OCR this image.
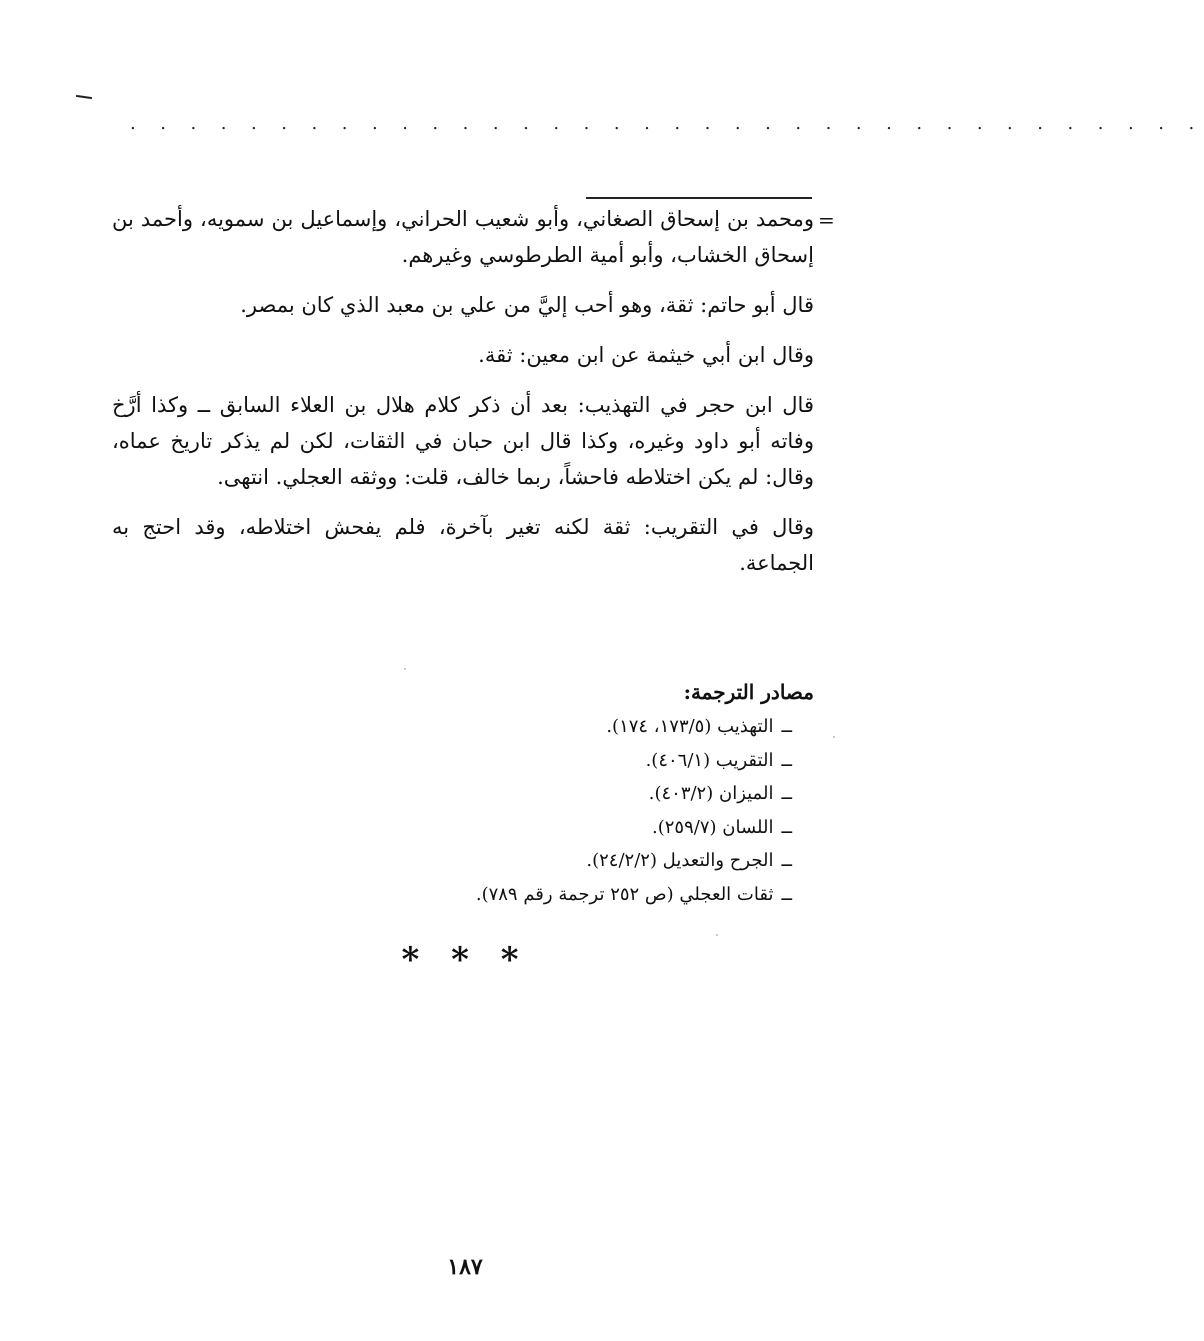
. . . . . . . . . . . . . . . . . . . . . . . . . . . . . . . . . . . .
=

ومحمد بن إسحاق الصغاني، وأبو شعيب الحراني، وإسماعيل بن سمويه، وأحمد بن إسحاق الخشاب، وأبو أمية الطرطوسي وغيرهم.

قال أبو حاتم: ثقة، وهو أحب إليَّ من علي بن معبد الذي كان بمصر.

وقال ابن أبي خيثمة عن ابن معين: ثقة.

قال ابن حجر في التهذيب: بعد أن ذكر كلام هلال بن العلاء السابق ــ وكذا أرَّخ وفاته أبو داود وغيره، وكذا قال ابن حبان في الثقات، لكن لم يذكر تاريخ عماه، وقال: لم يكن اختلاطه فاحشاً، ربما خالف، قلت: ووثقه العجلي. انتهى.

وقال في التقريب: ثقة لكنه تغير بآخرة، فلم يفحش اختلاطه، وقد احتج به الجماعة.

مصادر الترجمة:
ــالتهذيب (١٧٣/٥، ١٧٤).
ــالتقريب (٤٠٦/١).
ــالميزان (٤٠٣/٢).
ــاللسان (٢٥٩/٧).
ــالجرح والتعديل (٢٤/٢/٢).
ــثقات العجلي (ص ٢٥٢ ترجمة رقم ٧٨٩).
* * *
١٨٧
